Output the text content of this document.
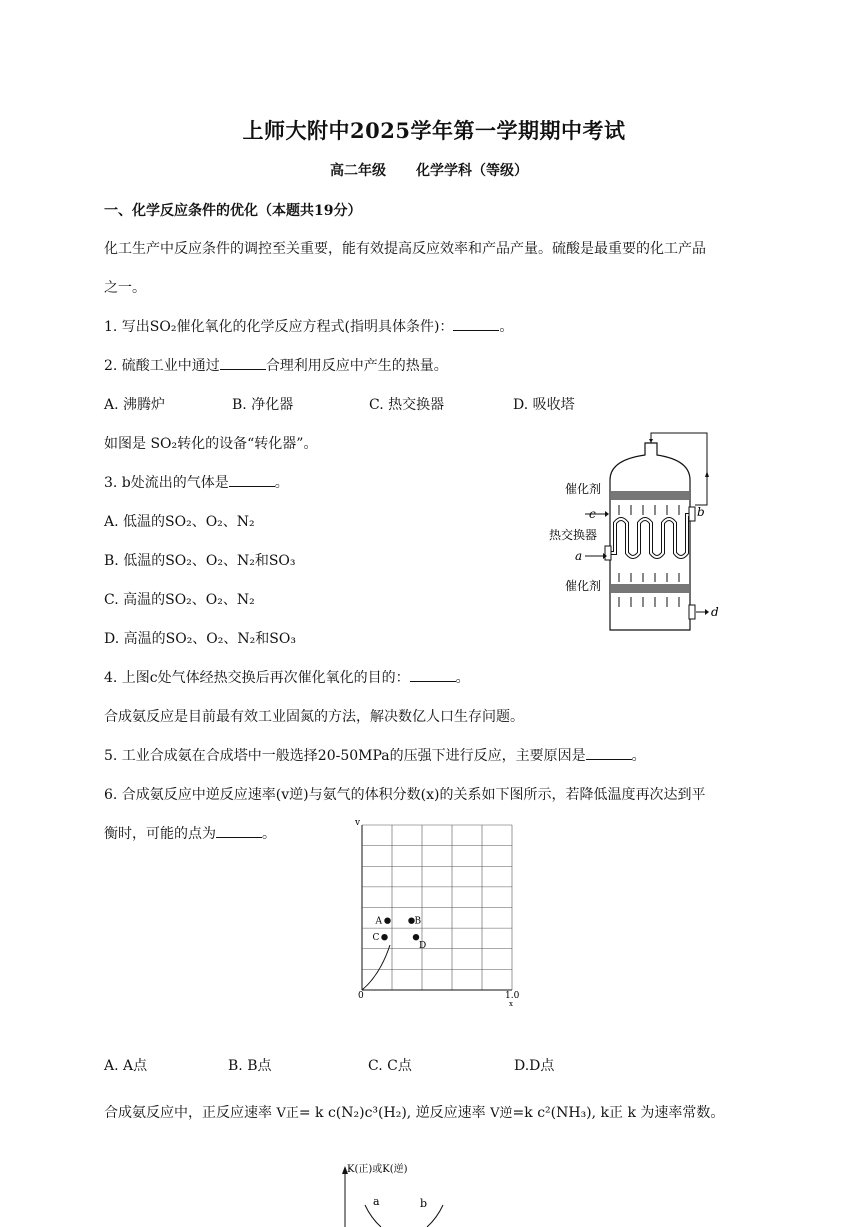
上师大附中2025学年第一学期期中考试
高二年级 化学学科（等级）
一、化学反应条件的优化（本题共19分）
化工生产中反应条件的调控至关重要，能有效提高反应效率和产品产量。硫酸是最重要的化工产品
之一。
1. 写出SO₂催化氧化的化学反应方程式(指明具体条件)：	。
2. 硫酸工业中通过	合理利用反应中产生的热量。
A. 沸腾炉	B. 净化器	C. 热交换器	D. 吸收塔
如图是 SO₂转化的设备“转化器”。
3. b处流出的气体是	。
A. 低温的SO₂、O₂、N₂
B. 低温的SO₂、O₂、N₂和SO₃
C. 高温的SO₂、O₂、N₂
D. 高温的SO₂、O₂、N₂和SO₃
催化剂
c
热交换器
a
b
催化剂
d
4. 上图c处气体经热交换后再次催化氧化的目的：	。
合成氨反应是目前最有效工业固氮的方法，解决数亿人口生存问题。
5. 工业合成氨在合成塔中一般选择20-50MPa的压强下进行反应，主要原因是	。
6. 合成氨反应中逆反应速率(v逆)与氨气的体积分数(x)的关系如下图所示，若降低温度再次达到平
衡时，可能的点为	。
A	B
C
D
v
0	1.0
x
A. A点	B. B点	C. C点	D.D点
合成氨反应中，正反应速率 V正= k c(N₂)c³(H₂), 逆反应速率 V逆=k c²(NH₃), k正 k 为速率常数。
K(正)或K(逆)
a	b
